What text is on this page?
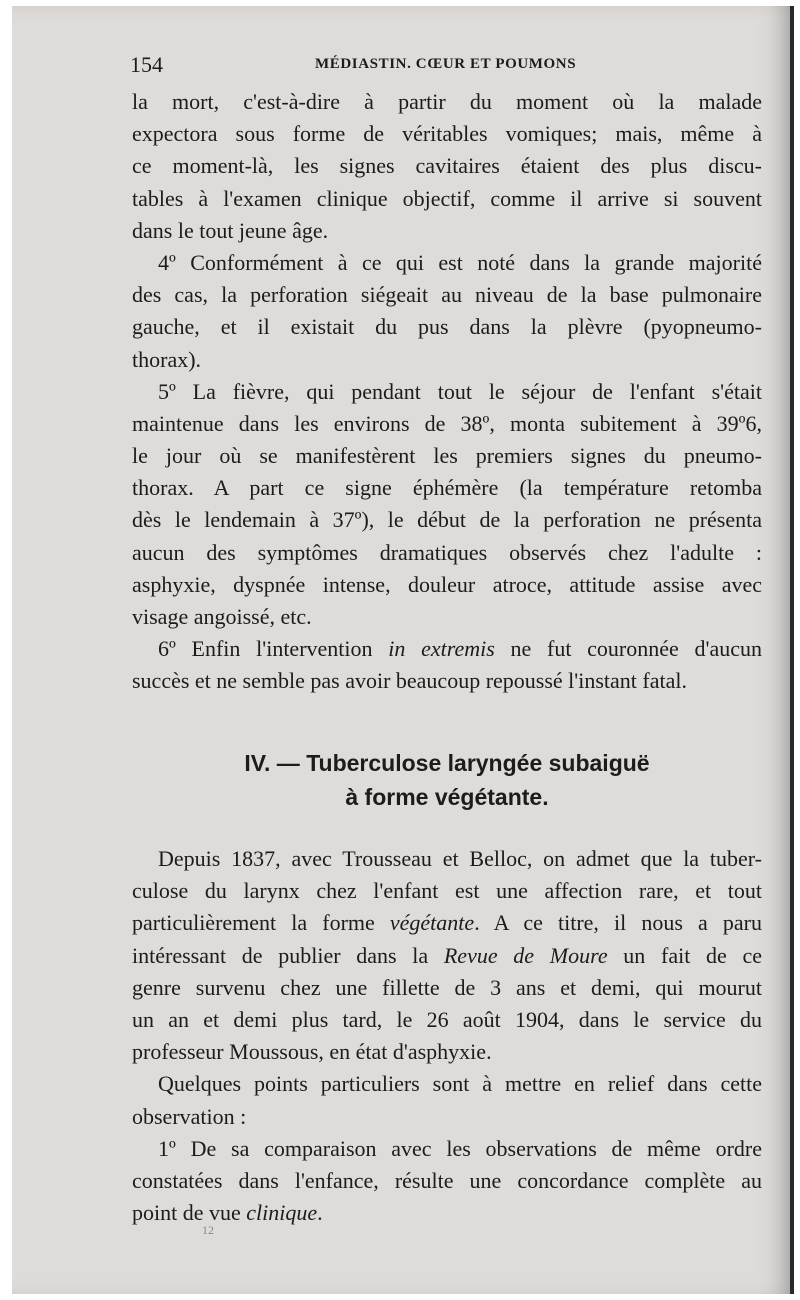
154	MÉDIASTIN. CŒUR ET POUMONS
la mort, c'est-à-dire à partir du moment où la malade
expectora sous forme de véritables vomiques; mais, même à
ce moment-là, les signes cavitaires étaient des plus discu-
tables à l'examen clinique objectif, comme il arrive si souvent
dans le tout jeune âge.
4º Conformément à ce qui est noté dans la grande majorité
des cas, la perforation siégeait au niveau de la base pulmonaire
gauche, et il existait du pus dans la plèvre (pyopneumo-
thorax).
5º La fièvre, qui pendant tout le séjour de l'enfant s'était
maintenue dans les environs de 38º, monta subitement à 39º6,
le jour où se manifestèrent les premiers signes du pneumo-
thorax. A part ce signe éphémère (la température retomba
dès le lendemain à 37º), le début de la perforation ne présenta
aucun des symptômes dramatiques observés chez l'adulte :
asphyxie, dyspnée intense, douleur atroce, attitude assise avec
visage angoissé, etc.
6º Enfin l'intervention in extremis ne fut couronnée d'aucun
succès et ne semble pas avoir beaucoup repoussé l'instant fatal.
IV. — Tuberculose laryngée subaiguë
à forme végétante.
Depuis 1837, avec Trousseau et Belloc, on admet que la tuber-
culose du larynx chez l'enfant est une affection rare, et tout
particulièrement la forme végétante. A ce titre, il nous a paru
intéressant de publier dans la Revue de Moure un fait de ce
genre survenu chez une fillette de 3 ans et demi, qui mourut
un an et demi plus tard, le 26 août 1904, dans le service du
professeur Moussous, en état d'asphyxie.
Quelques points particuliers sont à mettre en relief dans cette
observation :
1º De sa comparaison avec les observations de même ordre
constatées dans l'enfance, résulte une concordance complète au
point de vue clinique.
12
